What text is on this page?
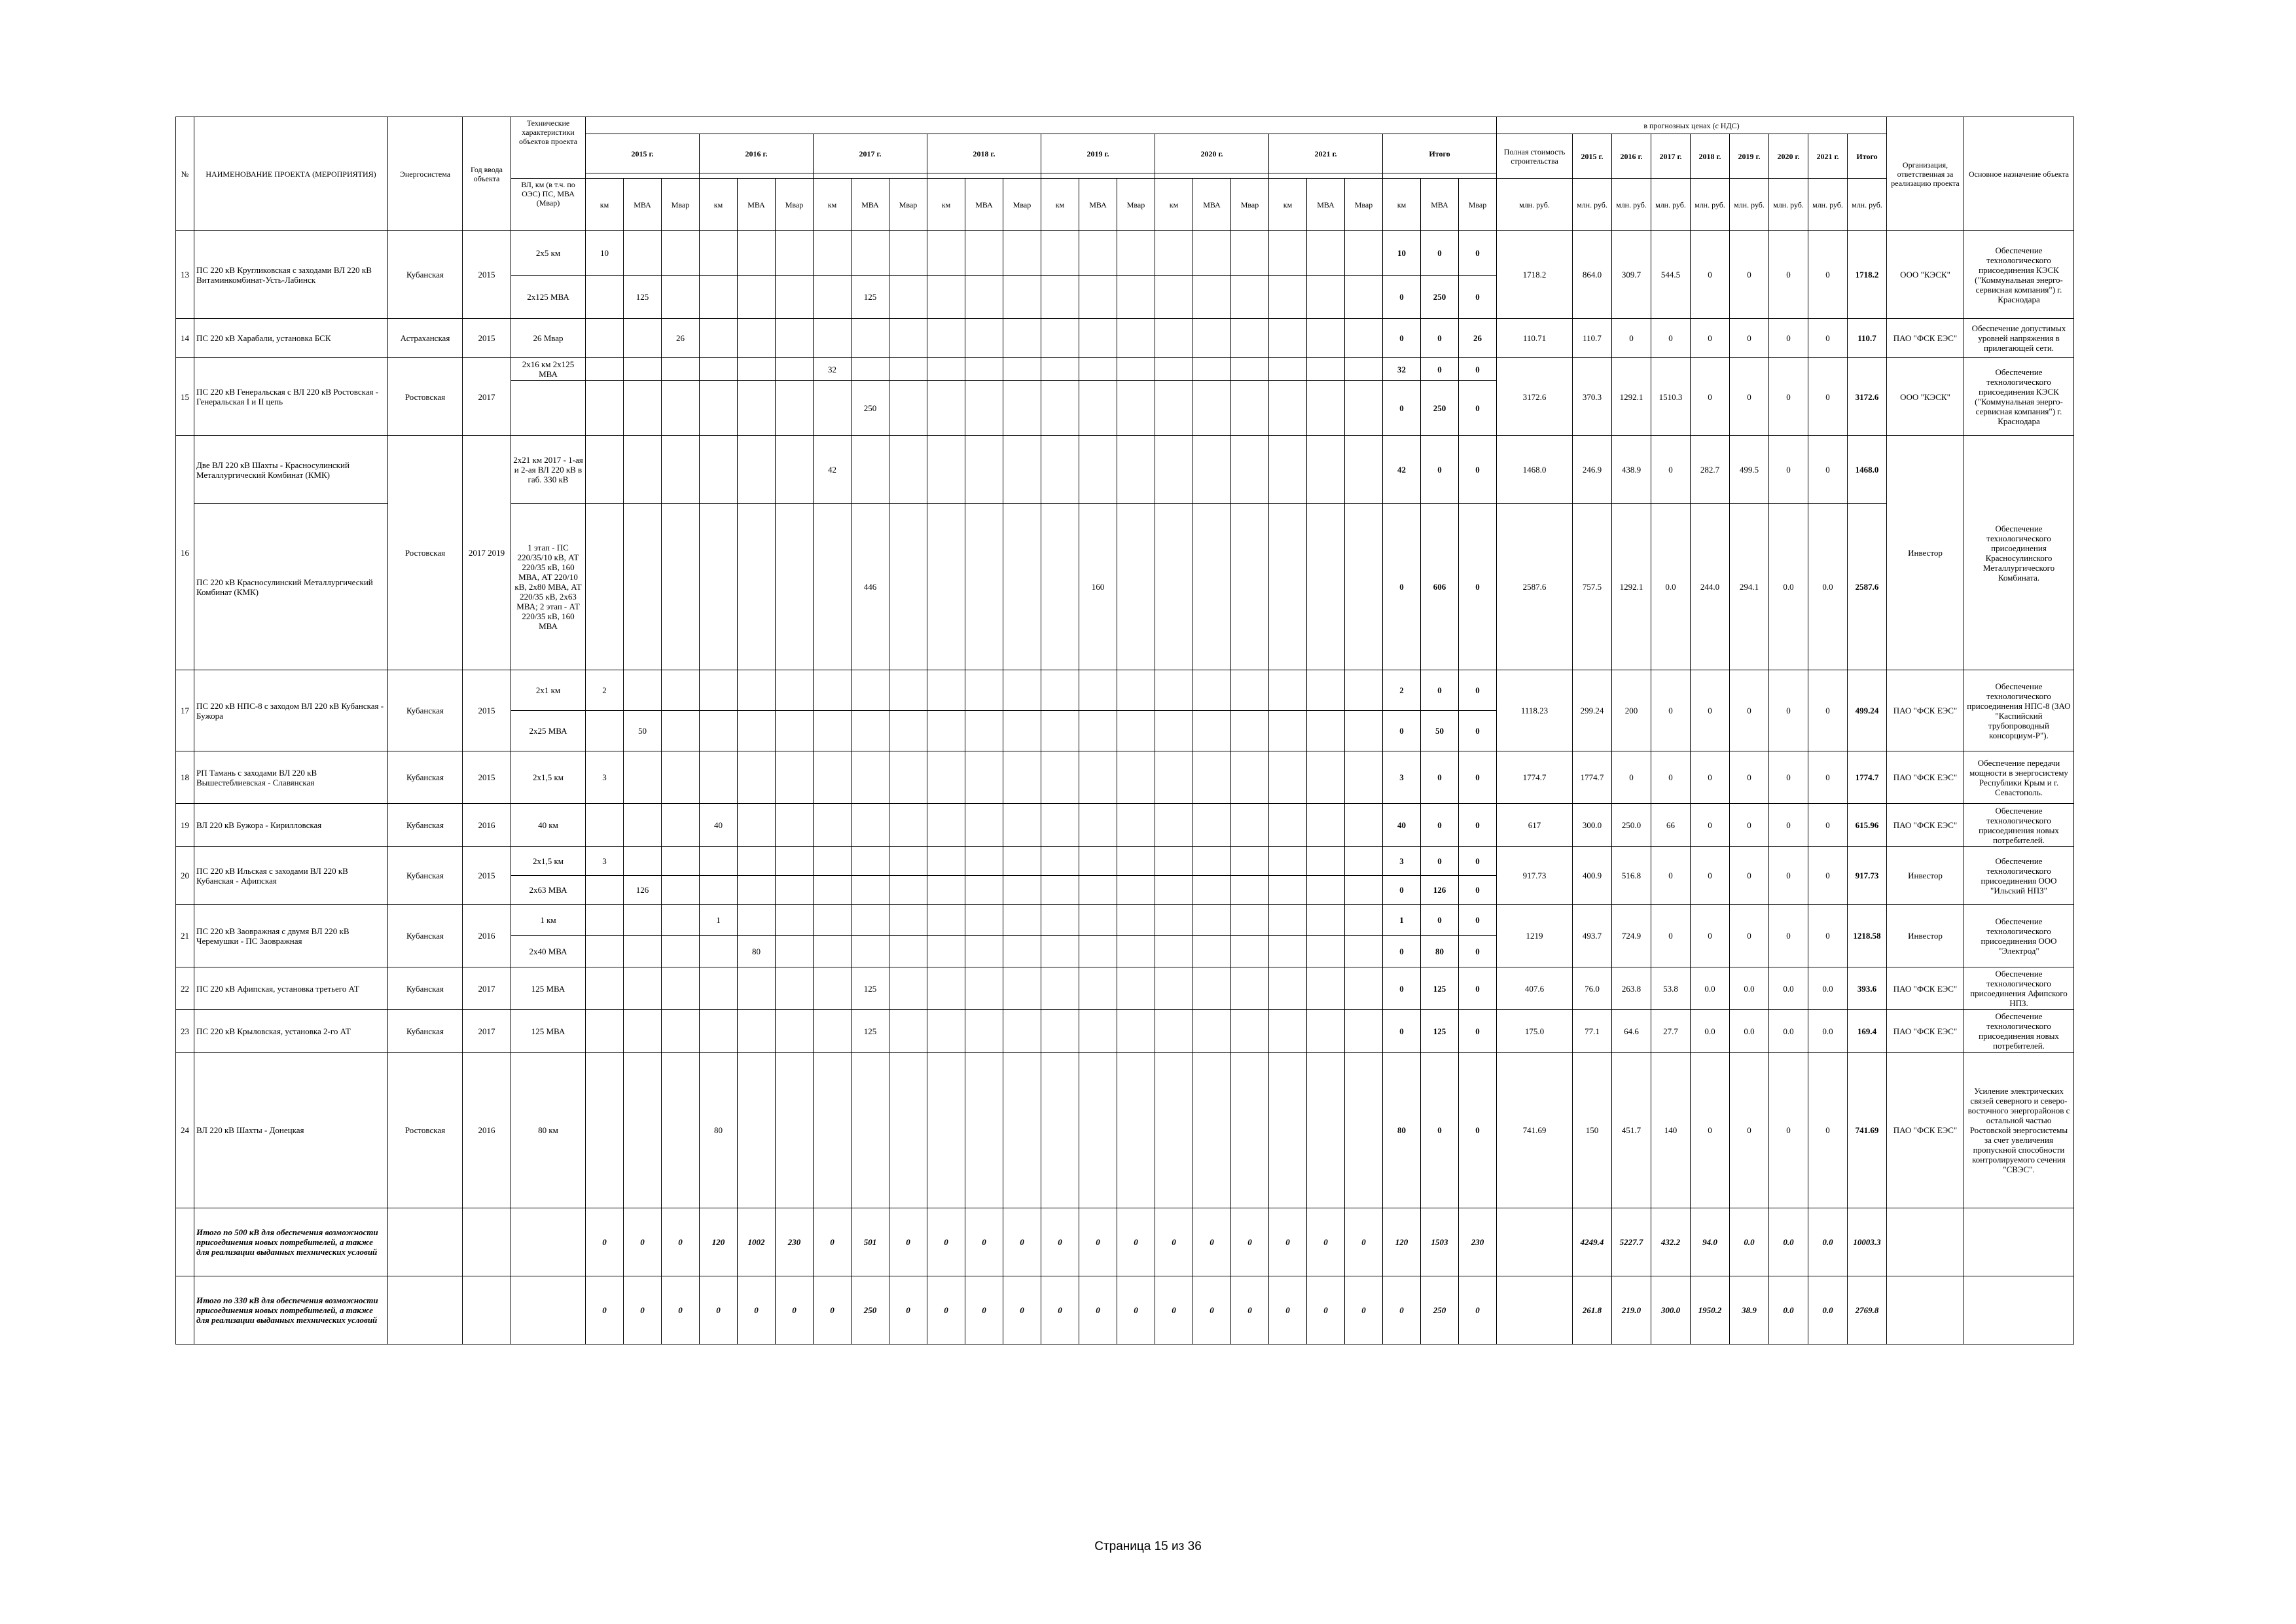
№	НАИМЕНОВАНИЕ ПРОЕКТА (МЕРОПРИЯТИЯ)	Энергосистема	Год ввода объекта	Технические характеристики объектов проекта																									в прогнозных ценах (с НДС)									Организация, ответственная за реализацию проекта	Основное назначение объекта
					2015 г.			2016 г.			2017 г.			2018 г.			2019 г.			2020 г.			2021 г.			Итого			Полная стоимость строительства	2015 г.	2016 г.	2017 г.	2018 г.	2019 г.	2020 г.	2021 г.	Итого		

				ВЛ, км (в т.ч. по ОЭС) ПС, МВА (Мвар)	км	МВА	Мвар	км	МВА	Мвар	км	МВА	Мвар	км	МВА	Мвар	км	МВА	Мвар	км	МВА	Мвар	км	МВА	Мвар	км	МВА	Мвар	млн. руб.	млн. руб.	млн. руб.	млн. руб.	млн. руб.	млн. руб.	млн. руб.	млн. руб.	млн. руб.		
13	ПС 220 кВ Кругликовская с заходами ВЛ 220 кВ Витаминкомбинат-Усть-Лабинск	Кубанская	2015	2х5 км	10																					10	0	0	1718.2	864.0	309.7	544.5	0	0	0	0	1718.2	ООО "КЭСК"	Обеспечение технологического присоединения КЭСК ("Коммунальная энерго-сервисная компания") г. Краснодара
				2х125 МВА		125						125														0	250	0											
14	ПС 220 кВ Харабали, установка БСК	Астраханская	2015	26 Мвар			26																			0	0	26	110.71	110.7	0	0	0	0	0	0	110.7	ПАО "ФСК ЕЭС"	Обеспечение допустимых уровней напряжения в прилегающей сети.
15	ПС 220 кВ Генеральская с ВЛ 220 кВ Ростовская - Генеральская I и II цепь	Ростовская	2017	2х16 км 2х125 МВА							32															32	0	0	3172.6	370.3	1292.1	1510.3	0	0	0	0	3172.6	ООО "КЭСК"	Обеспечение технологического присоединения КЭСК ("Коммунальная энерго-сервисная компания") г. Краснодара
												250														0	250	0											
16	Две ВЛ 220 кВ Шахты - Красносулинский Металлургический Комбинат (КМК)	Ростовская	2017 2019	2х21 км 2017 - 1-ая и 2-ая ВЛ 220 кВ в габ. 330 кВ							42															42	0	0	1468.0	246.9	438.9	0	282.7	499.5	0	0	1468.0	Инвестор	Обеспечение технологического присоединения Красносулинского Металлургического Комбината.
	ПС 220 кВ Красносулинский Металлургический Комбинат (КМК)			1 этап - ПС 220/35/10 кВ, АТ 220/35 кВ, 160 МВА, АТ 220/10 кВ, 2х80 МВА, АТ 220/35 кВ, 2х63 МВА; 2 этап - АТ 220/35 кВ, 160 МВА								446						160								0	606	0	2587.6	757.5	1292.1	0.0	244.0	294.1	0.0	0.0	2587.6		
17	ПС 220 кВ НПС-8 с заходом ВЛ 220 кВ Кубанская - Бужора	Кубанская	2015	2х1 км	2																					2	0	0	1118.23	299.24	200	0	0	0	0	0	499.24	ПАО "ФСК ЕЭС"	Обеспечение технологического присоединения НПС-8 (ЗАО "Каспийский трубопроводный консорциум-Р").
				2х25 МВА		50																				0	50	0											
18	РП Тамань с заходами ВЛ 220 кВ Вышестеблиевская - Славянская	Кубанская	2015	2х1,5 км	3																					3	0	0	1774.7	1774.7	0	0	0	0	0	0	1774.7	ПАО "ФСК ЕЭС"	Обеспечение передачи мощности в энергосистему Республики Крым и г. Севастополь.
19	ВЛ 220 кВ Бужора - Кирилловская	Кубанская	2016	40 км				40																		40	0	0	617	300.0	250.0	66	0	0	0	0	615.96	ПАО "ФСК ЕЭС"	Обеспечение технологического присоединения новых потребителей.
20	ПС 220 кВ Ильская с заходами ВЛ 220 кВ Кубанская - Афипская	Кубанская	2015	2х1,5 км	3																					3	0	0	917.73	400.9	516.8	0	0	0	0	0	917.73	Инвестор	Обеспечение технологического присоединения ООО "Ильский НПЗ"
				2х63 МВА		126																				0	126	0											
21	ПС 220 кВ Заовражная с двумя ВЛ 220 кВ Черемушки - ПС Заовражная	Кубанская	2016	1 км				1																		1	0	0	1219	493.7	724.9	0	0	0	0	0	1218.58	Инвестор	Обеспечение технологического присоединения ООО "Электрод"
				2х40 МВА					80																	0	80	0											
22	ПС 220 кВ Афипская, установка третьего АТ	Кубанская	2017	125 МВА								125														0	125	0	407.6	76.0	263.8	53.8	0.0	0.0	0.0	0.0	393.6	ПАО "ФСК ЕЭС"	Обеспечение технологического присоединения Афипского НПЗ.
23	ПС 220 кВ Крыловская, установка 2-го АТ	Кубанская	2017	125 МВА								125														0	125	0	175.0	77.1	64.6	27.7	0.0	0.0	0.0	0.0	169.4	ПАО "ФСК ЕЭС"	Обеспечение технологического присоединения новых потребителей.
24	ВЛ 220 кВ Шахты - Донецкая	Ростовская	2016	80 км				80																		80	0	0	741.69	150	451.7	140	0	0	0	0	741.69	ПАО "ФСК ЕЭС"	Усиление электрических связей северного и северо-восточного энергорайонов с остальной частью Ростовской энергосистемы за счет увеличения пропускной способности контролируемого сечения "СВЭС".
	Итого по 500 кВ для обеспечения возможности присоединения новых потребителей, а также для реализации выданных технических условий				0	0	0	120	1002	230	0	501	0	0	0	0	0	0	0	0	0	0	0	0	0	120	1503	230		4249.4	5227.7	432.2	94.0	0.0	0.0	0.0	10003.3		
	Итого по 330 кВ для обеспечения возможности присоединения новых потребителей, а также для реализации выданных технических условий				0	0	0	0	0	0	0	250	0	0	0	0	0	0	0	0	0	0	0	0	0	0	250	0		261.8	219.0	300.0	1950.2	38.9	0.0	0.0	2769.8		
Страница 15 из 36
